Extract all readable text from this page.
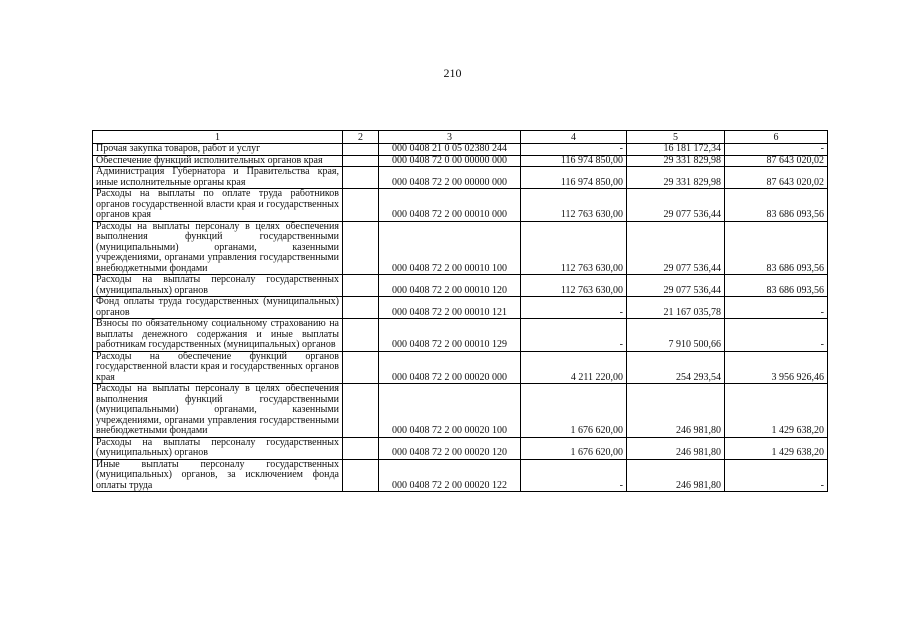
210
1	2	3	4	5	6
Прочая закупка товаров, работ и услуг		000 0408 21 0 05 02380 244	-	16 181 172,34	-
Обеспечение функций исполнительных органов края		000 0408 72 0 00 00000 000	116 974 850,00	29 331 829,98	87 643 020,02
Администрация Губернатора и Правительства края, иные исполнительные органы края		000 0408 72 2 00 00000 000	116 974 850,00	29 331 829,98	87 643 020,02
Расходы на выплаты по оплате труда работников органов государственной власти края и государственных органов края		000 0408 72 2 00 00010 000	112 763 630,00	29 077 536,44	83 686 093,56
Расходы на выплаты персоналу в целях обеспечения выполнения функций государственными (муниципальными) органами, казенными учреждениями, органами управления государственными внебюджетными фондами		000 0408 72 2 00 00010 100	112 763 630,00	29 077 536,44	83 686 093,56
Расходы на выплаты персоналу государственных (муниципальных) органов		000 0408 72 2 00 00010 120	112 763 630,00	29 077 536,44	83 686 093,56
Фонд оплаты труда государственных (муниципальных) органов		000 0408 72 2 00 00010 121	-	21 167 035,78	-
Взносы по обязательному социальному страхованию на выплаты денежного содержания и иные выплаты работникам государственных (муниципальных) органов		000 0408 72 2 00 00010 129	-	7 910 500,66	-
Расходы на обеспечение функций органов государственной власти края и государственных органов края		000 0408 72 2 00 00020 000	4 211 220,00	254 293,54	3 956 926,46
Расходы на выплаты персоналу в целях обеспечения выполнения функций государственными (муниципальными) органами, казенными учреждениями, органами управления государственными внебюджетными фондами		000 0408 72 2 00 00020 100	1 676 620,00	246 981,80	1 429 638,20
Расходы на выплаты персоналу государственных (муниципальных) органов		000 0408 72 2 00 00020 120	1 676 620,00	246 981,80	1 429 638,20
Иные выплаты персоналу государственных (муниципальных) органов, за исключением фонда оплаты труда		000 0408 72 2 00 00020 122	-	246 981,80	-
